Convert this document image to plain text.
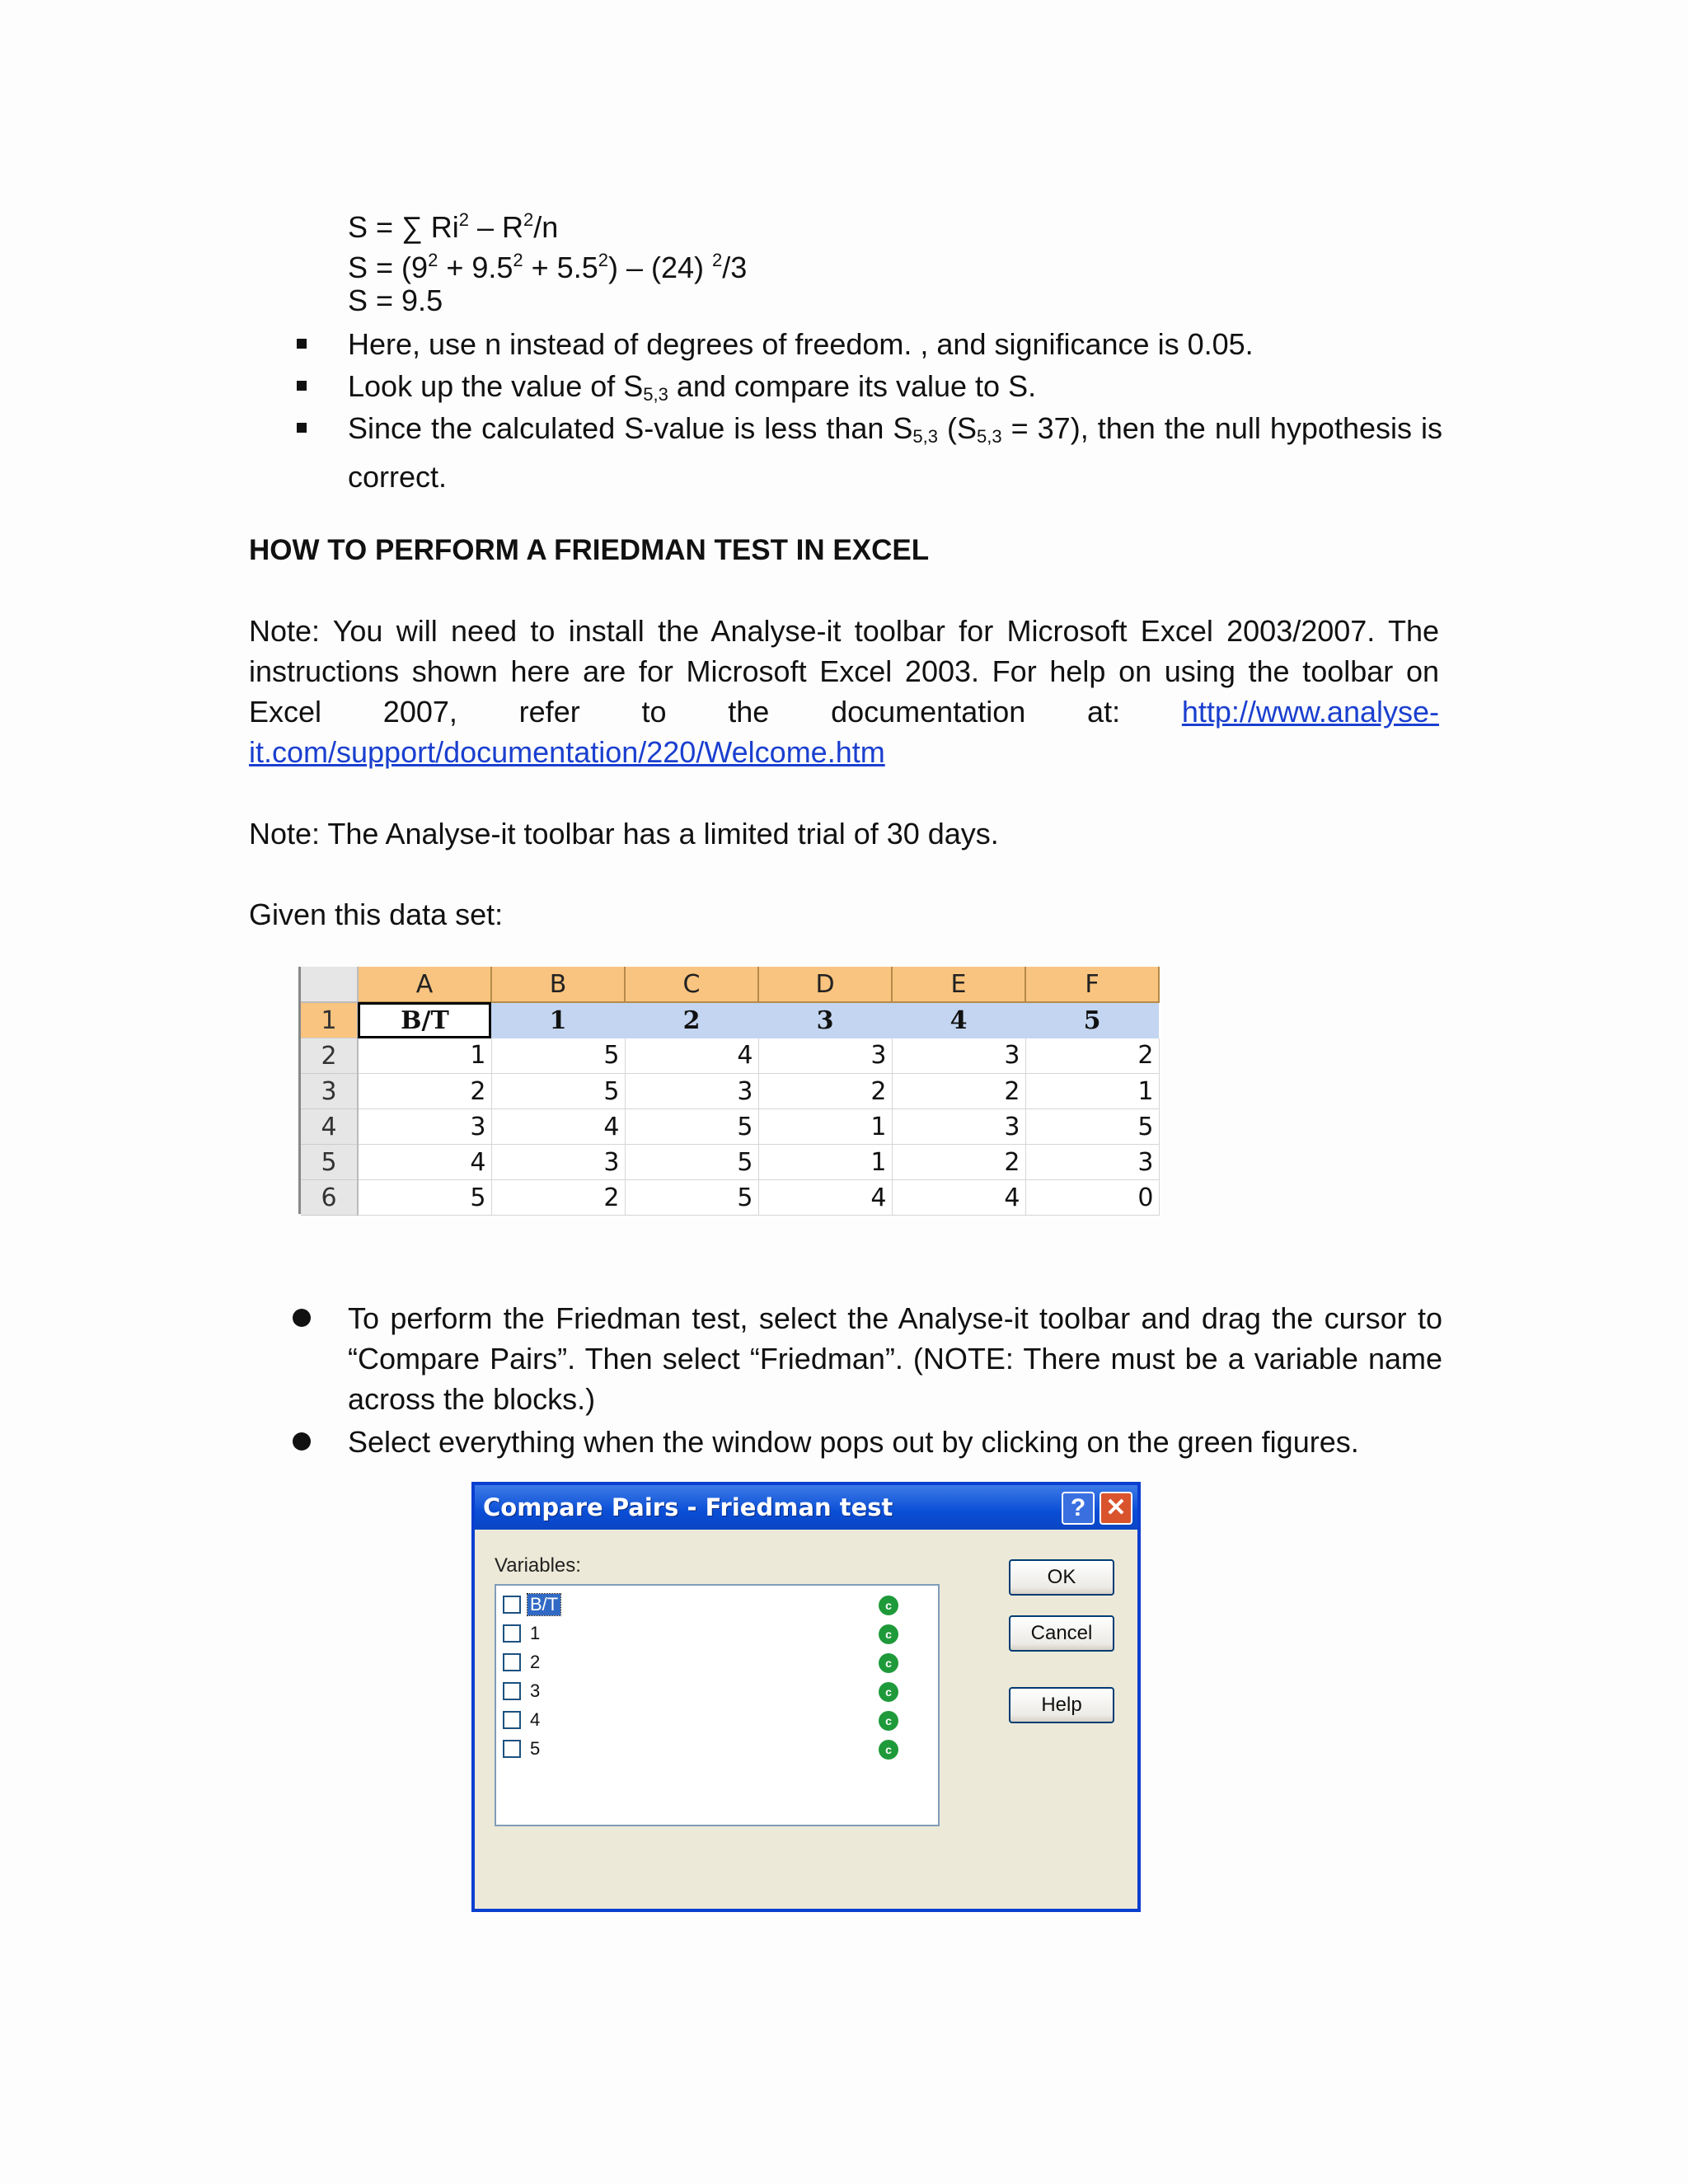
S = ∑ $Ri^2 - R^2/n$
$S = (9^2 + 9.5^2 + 5.5^2) - (24)$ $^2$/3
S = 9.5
Here, use n instead of degrees of freedom. , and significance is 0.05.
Look up the value of $S_{5,3}$ and compare its value to S.
Since the calculated S-value is less than $S_{5,3}$ $(S_{5,3} = 37)$, then the null hypothesis is correct.
HOW TO PERFORM A FRIEDMAN TEST IN EXCEL
Note: You will need to install the Analyse-it toolbar for Microsoft Excel 2003/2007. The instructions shown here are for Microsoft Excel 2003. For help on using the toolbar on Excel 2007, refer to the documentation at: http://www.analyse-it.com/support/documentation/220/Welcome.htm
Note: The Analyse-it toolbar has a limited trial of 30 days.
Given this data set:
	A	B	C	D	E	F
1	B/T	1	2	3	4	5
2	1	5	4	3	3	2
3	2	5	3	2	2	1
4	3	4	5	1	3	5
5	4	3	5	1	2	3
6	5	2	5	4	4	0
To perform the Friedman test, select the Analyse-it toolbar and drag the cursor to “Compare Pairs”. Then select “Friedman”. (NOTE: There must be a variable name across the blocks.)
Select everything when the window pops out by clicking on the green figures.
Compare Pairs - Friedman test	? ✕
Variables:
B/T	c
1	c
2	c
3	c
4	c
5	c
OK
Cancel
Help
